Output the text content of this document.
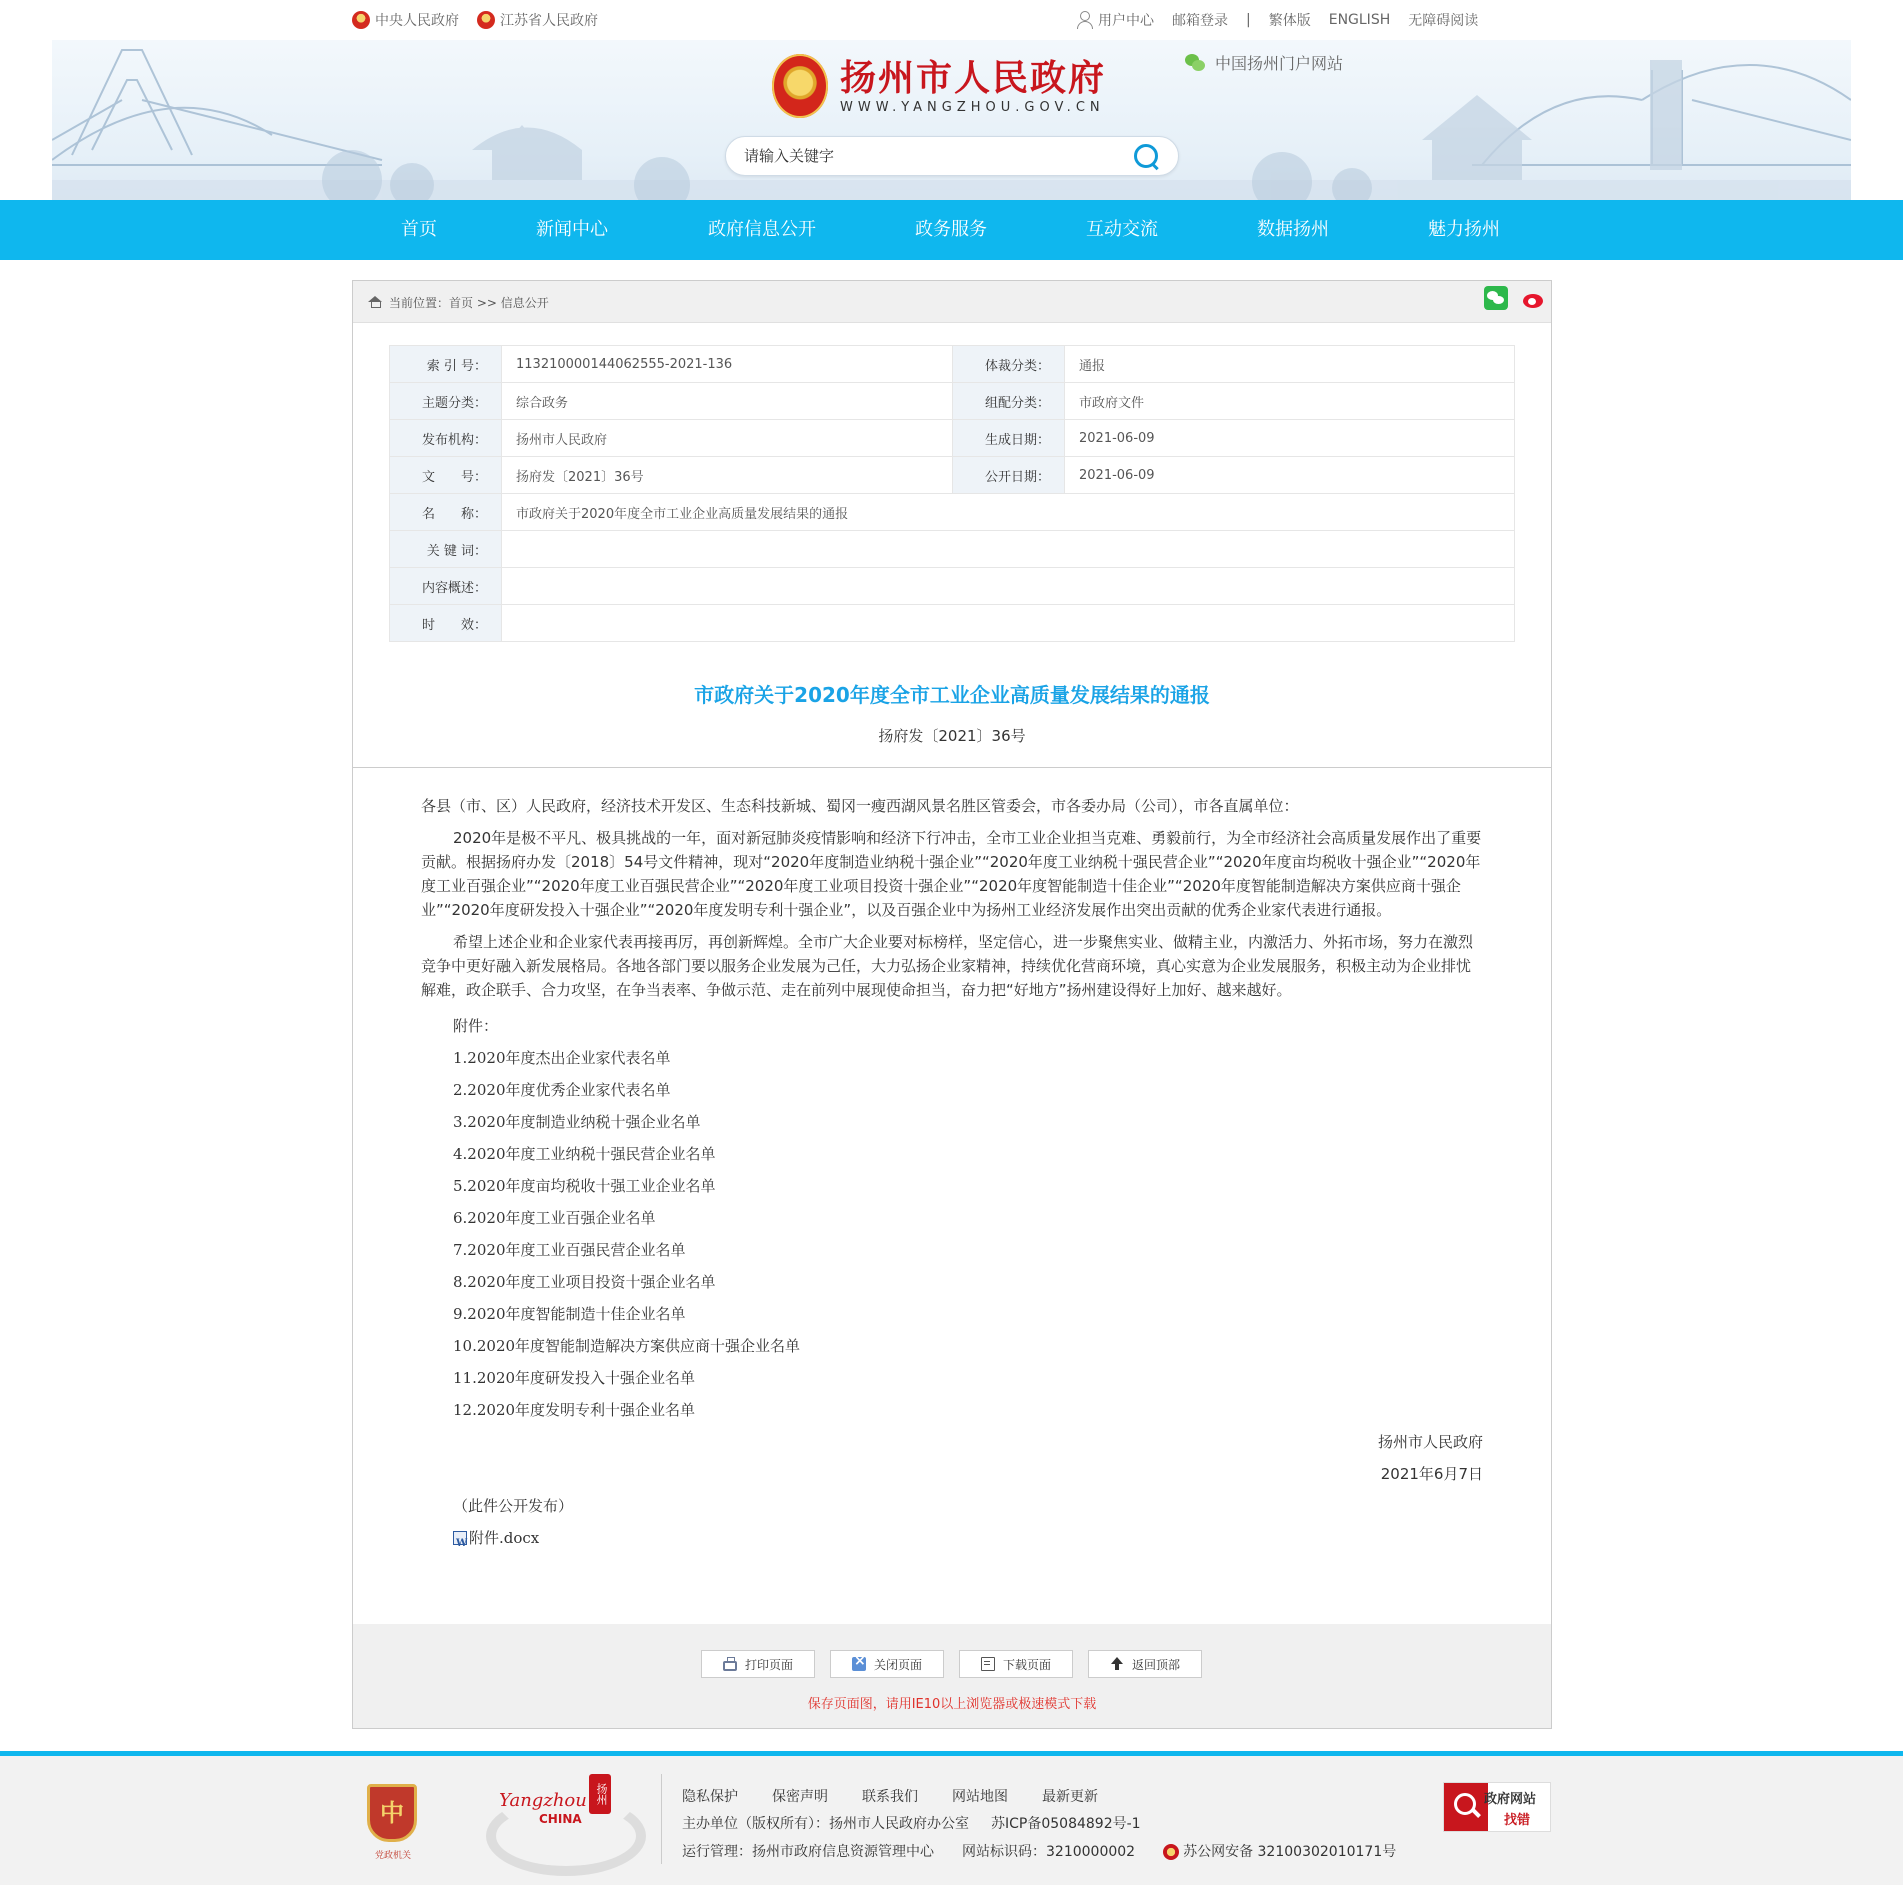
中央人民政府	江苏省人民政府	用户中心 邮箱登录 | 繁体版 ENGLISH 无障碍阅读
扬州市人民政府
WWW.YANGZHOU.GOV.CN
中国扬州门户网站
请输入关键字
首页	新闻中心	政府信息公开	政务服务	互动交流	数据扬州	魅力扬州
当前位置：首页 >> 信息公开
索 引 号：	113210000144062555-2021-136	体裁分类：	通报
主题分类：	综合政务	组配分类：	市政府文件
发布机构：	扬州市人民政府	生成日期：	2021-06-09
文　　号：	扬府发〔2021〕36号	公开日期：	2021-06-09
名　　称：	市政府关于2020年度全市工业企业高质量发展结果的通报		
关 键 词：			
内容概述：			
时　　效：			
市政府关于2020年度全市工业企业高质量发展结果的通报
扬府发〔2021〕36号

各县（市、区）人民政府，经济技术开发区、生态科技新城、蜀冈一瘦西湖风景名胜区管委会，市各委办局（公司），市各直属单位：

2020年是极不平凡、极具挑战的一年，面对新冠肺炎疫情影响和经济下行冲击，全市工业企业担当克难、勇毅前行，为全市经济社会高质量发展作出了重要贡献。根据扬府办发〔2018〕54号文件精神，现对“2020年度制造业纳税十强企业”“2020年度工业纳税十强民营企业”“2020年度亩均税收十强企业”“2020年度工业百强企业”“2020年度工业百强民营企业”“2020年度工业项目投资十强企业”“2020年度智能制造十佳企业”“2020年度智能制造解决方案供应商十强企业”“2020年度研发投入十强企业”“2020年度发明专利十强企业”，以及百强企业中为扬州工业经济发展作出突出贡献的优秀企业家代表进行通报。

希望上述企业和企业家代表再接再厉，再创新辉煌。全市广大企业要对标榜样，坚定信心，进一步聚焦实业、做精主业，内激活力、外拓市场，努力在激烈竞争中更好融入新发展格局。各地各部门要以服务企业发展为己任，大力弘扬企业家精神，持续优化营商环境，真心实意为企业发展服务，积极主动为企业排忧解难，政企联手、合力攻坚，在争当表率、争做示范、走在前列中展现使命担当，奋力把“好地方”扬州建设得好上加好、越来越好。

附件：

1.2020年度杰出企业家代表名单
2.2020年度优秀企业家代表名单
3.2020年度制造业纳税十强企业名单
4.2020年度工业纳税十强民营企业名单
5.2020年度亩均税收十强工业企业名单
6.2020年度工业百强企业名单
7.2020年度工业百强民营企业名单
8.2020年度工业项目投资十强企业名单
9.2020年度智能制造十佳企业名单
10.2020年度智能制造解决方案供应商十强企业名单
11.2020年度研发投入十强企业名单
12.2020年度发明专利十强企业名单
扬州市人民政府
2021年6月7日
（此件公开发布）
W
附件.docx
打印页面 ×	关闭页面	下载页面	返回顶部
保存页面图，请用IE10以上浏览器或极速模式下载
中
党政机关
Yangzhou
CHINA
扬州	隐私保护 保密声明 联系我们 网站地图 最新更新
主办单位（版权所有）：扬州市人民政府办公室 苏ICP备05084892号-1
运行管理：扬州市政府信息资源管理中心 网站标识码：3210000002	苏公网安备 32100302010171号
政府网站
找错
